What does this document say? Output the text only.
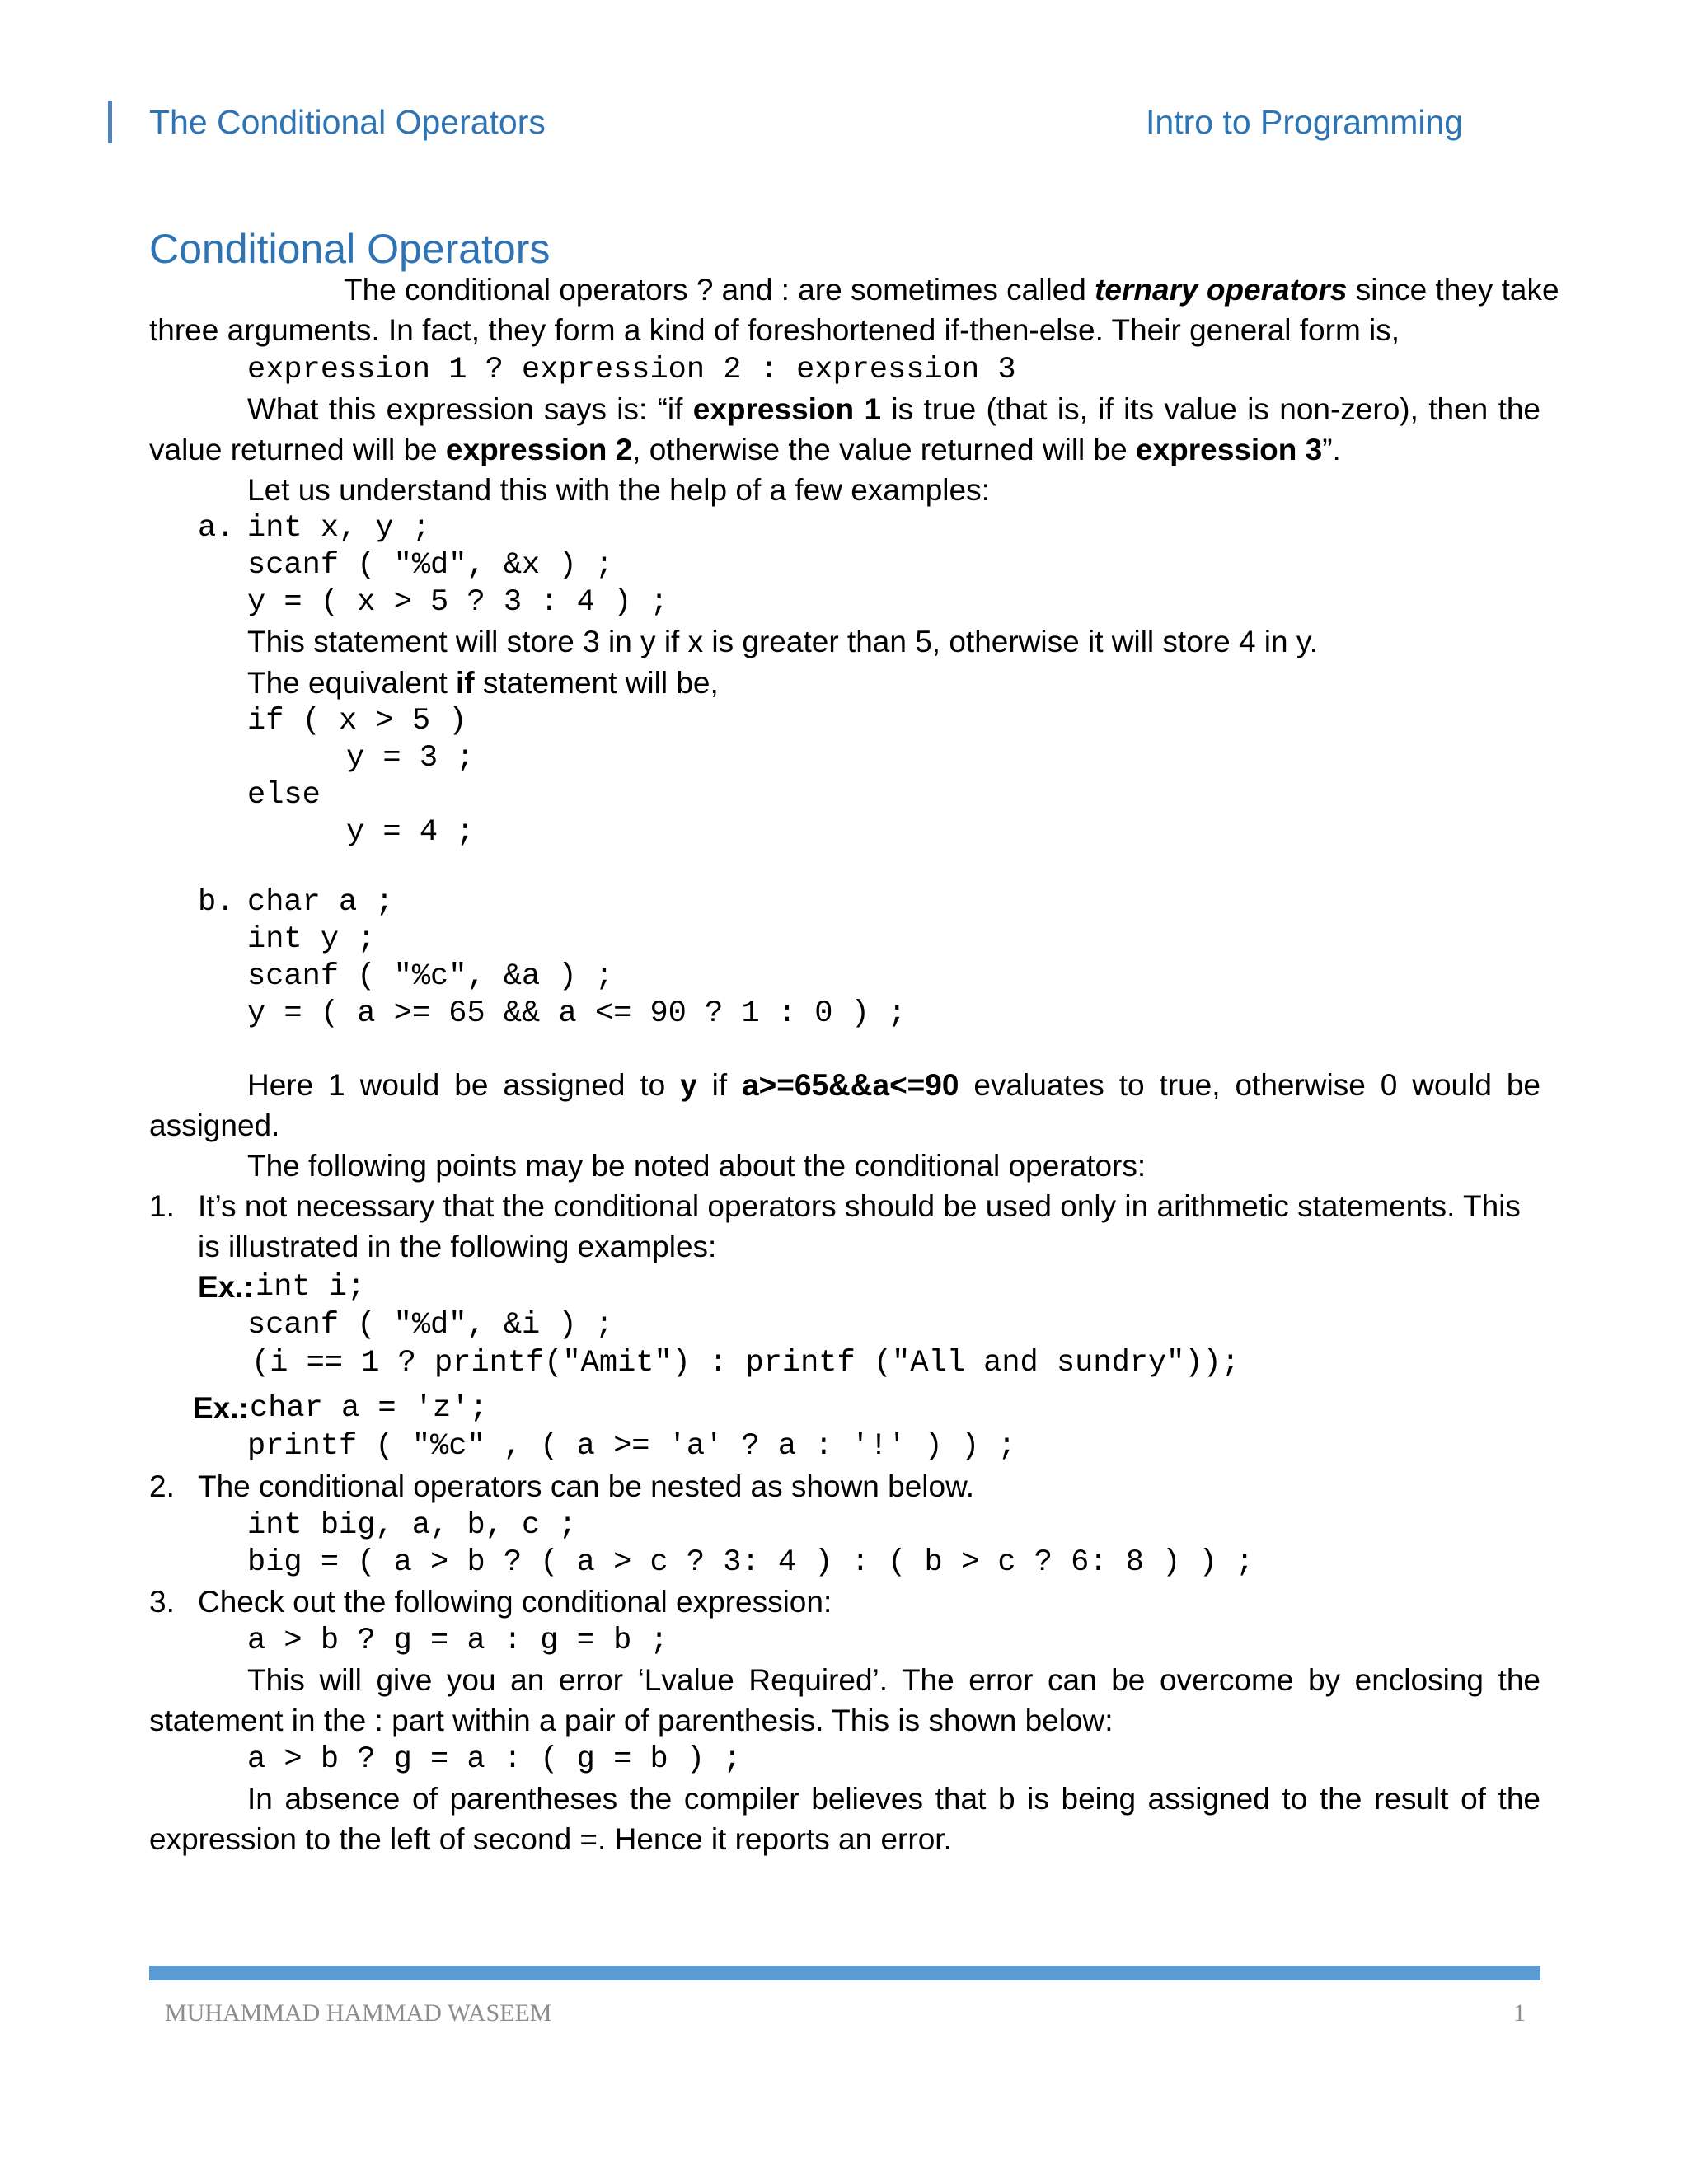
The Conditional Operators	Intro to Programming
Conditional Operators
The conditional operators ? and : are sometimes called ternary operators since they take
three arguments. In fact, they form a kind of foreshortened if-then-else. Their general form is,
expression 1 ? expression 2 : expression 3
What this expression says is: “if expression 1 is true (that is, if its value is non-zero), then the
value returned will be expression 2, otherwise the value returned will be expression 3”.
Let us understand this with the help of a few examples:
a. int x, y ;
scanf ( "%d", &x ) ;
y = ( x > 5 ? 3 : 4 ) ;
This statement will store 3 in y if x is greater than 5, otherwise it will store 4 in y.
The equivalent if statement will be,
if ( x > 5 )
y = 3 ;
else
y = 4 ;
b. char a ;
int y ;
scanf ( "%c", &a ) ;
y = ( a >= 65 && a <= 90 ? 1 : 0 ) ;
Here 1 would be assigned to y if a>=65&&a<=90 evaluates to true, otherwise 0 would be
assigned.
The following points may be noted about the conditional operators:
1. It’s not necessary that the conditional operators should be used only in arithmetic statements. This
is illustrated in the following examples:
Ex.: int i;
scanf ( "%d", &i ) ;
(i == 1 ? printf("Amit") : printf ("All and sundry"));
Ex.: char a = 'z';
printf ( "%c" , ( a >= 'a' ? a : '!' ) ) ;
2. The conditional operators can be nested as shown below.
int big, a, b, c ;
big = ( a > b ? ( a > c ? 3: 4 ) : ( b > c ? 6: 8 ) ) ;
3. Check out the following conditional expression:
a > b ? g = a : g = b ;
This will give you an error ‘Lvalue Required’. The error can be overcome by enclosing the
statement in the : part within a pair of parenthesis. This is shown below:
a > b ? g = a : ( g = b ) ;
In absence of parentheses the compiler believes that b is being assigned to the result of the
expression to the left of second =. Hence it reports an error.
MUHAMMAD HAMMAD WASEEM	1
